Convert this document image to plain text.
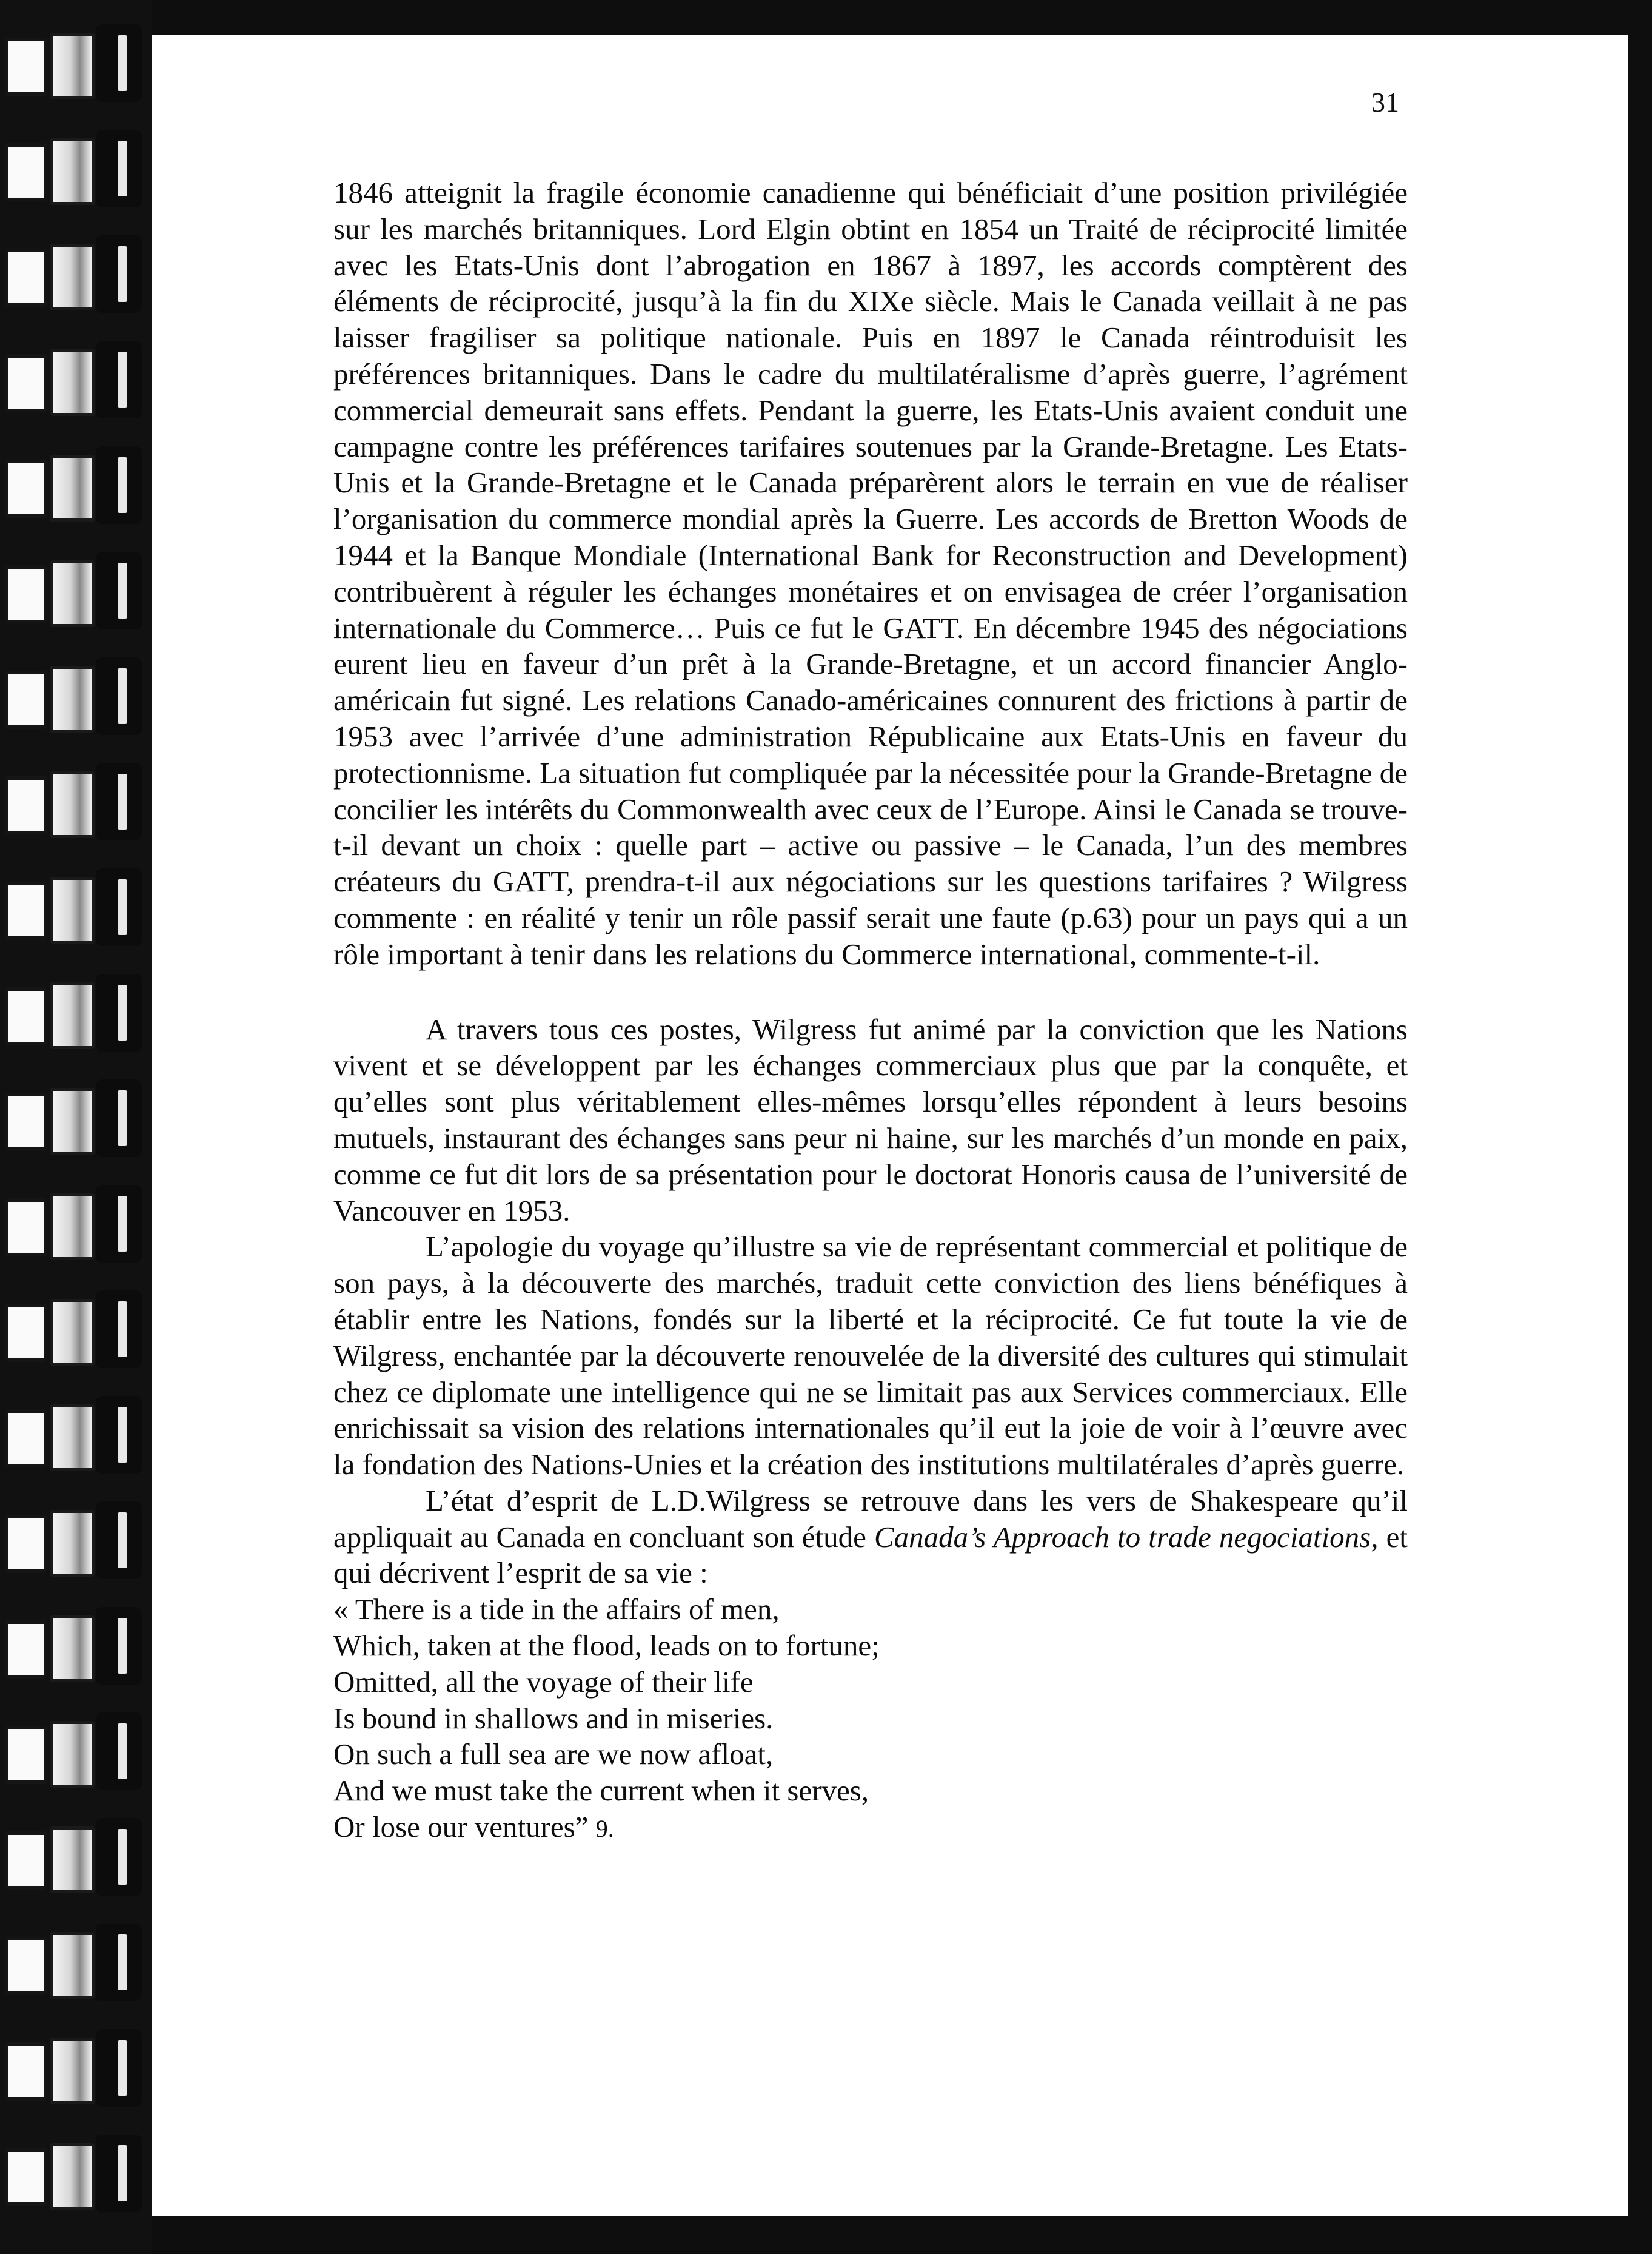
31

1846 atteignit la fragile économie canadienne qui bénéficiait d’une position privilégiée sur les marchés britanniques. Lord Elgin obtint en 1854 un Traité de réciprocité limitée avec les Etats-Unis dont l’abrogation en 1867 à 1897, les accords comptèrent des éléments de réciprocité, jusqu’à la fin du XIXe siècle. Mais le Canada veillait à ne pas laisser fragiliser sa politique nationale. Puis en 1897 le Canada réintroduisit les préférences britanniques. Dans le cadre du multilatéralisme d’après guerre, l’agrément commercial demeurait sans effets. Pendant la guerre, les Etats-Unis avaient conduit une campagne contre les préférences tarifaires soutenues par la Grande-Bretagne. Les Etats-Unis et la Grande-Bretagne et le Canada préparèrent alors le terrain en vue de réaliser l’organisation du commerce mondial après la Guerre. Les accords de Bretton Woods de 1944 et la Banque Mondiale (International Bank for Reconstruction and Development) contribuèrent à réguler les échanges monétaires et on envisagea de créer l’organisation internationale du Commerce… Puis ce fut le GATT. En décembre 1945 des négociations eurent lieu en faveur d’un prêt à la Grande-Bretagne, et un accord financier Anglo-américain fut signé. Les relations Canado-américaines connurent des frictions à partir de 1953 avec l’arrivée d’une administration Républicaine aux Etats-Unis en faveur du protectionnisme. La situation fut compliquée par la nécessitée pour la Grande-Bretagne de concilier les intérêts du Commonwealth avec ceux de l’Europe. Ainsi le Canada se trouve-t-il devant un choix : quelle part – active ou passive – le Canada, l’un des membres créateurs du GATT, prendra-t-il aux négociations sur les questions tarifaires ? Wilgress commente : en réalité y tenir un rôle passif serait une faute (p.63) pour un pays qui a un rôle important à tenir dans les relations du Commerce international, commente-t-il.

A travers tous ces postes, Wilgress fut animé par la conviction que les Nations vivent et se développent par les échanges commerciaux plus que par la conquête, et qu’elles sont plus véritablement elles-mêmes lorsqu’elles répondent à leurs besoins mutuels, instaurant des échanges sans peur ni haine, sur les marchés d’un monde en paix, comme ce fut dit lors de sa présentation pour le doctorat Honoris causa de l’université de Vancouver en 1953.

L’apologie du voyage qu’illustre sa vie de représentant commercial et politique de son pays, à la découverte des marchés, traduit cette conviction des liens bénéfiques à établir entre les Nations, fondés sur la liberté et la réciprocité. Ce fut toute la vie de Wilgress, enchantée par la découverte renouvelée de la diversité des cultures qui stimulait chez ce diplomate une intelligence qui ne se limitait pas aux Services commerciaux. Elle enrichissait sa vision des relations internationales qu’il eut la joie de voir à l’œuvre avec la fondation des Nations-Unies et la création des institutions multilatérales d’après guerre.

L’état d’esprit de L.D.Wilgress se retrouve dans les vers de Shakespeare qu’il appliquait au Canada en concluant son étude Canada’s Approach to trade negociations, et qui décrivent l’esprit de sa vie :

« There is a tide in the affairs of men,
Which, taken at the flood, leads on to fortune;
Omitted, all the voyage of their life
Is bound in shallows and in miseries.
On such a full sea are we now afloat,
And we must take the current when it serves,
Or lose our ventures” 9.
